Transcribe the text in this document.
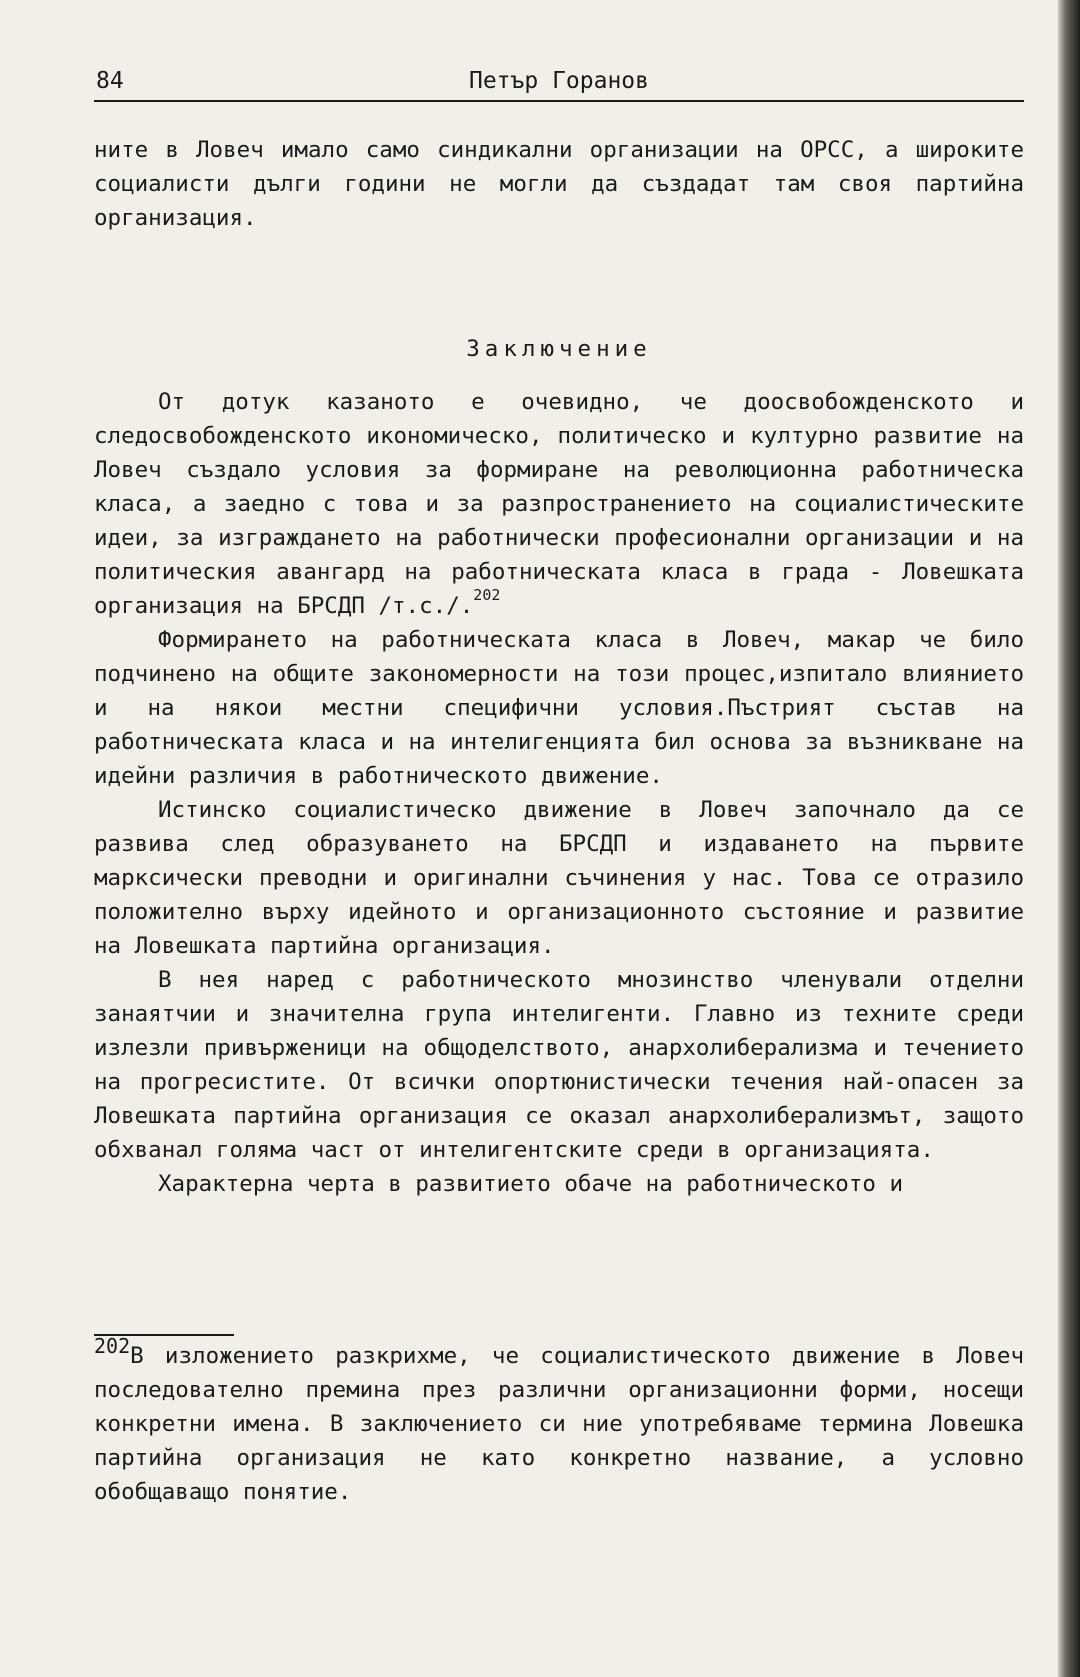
84	Петър Горанов

ните в Ловеч имало само синдикални организации на ОРСС, а широките социалисти дълги години не могли да създадат там своя партийна организация.

Заключение

От дотук казаното е очевидно, че доосвобожденското и следосвобожденското икономическо, политическо и културно развитие на Ловеч създало условия за формиране на революционна работническа класа, а заедно с това и за разпространението на социалистическите идеи, за изграждането на работнически професионални организации и на политическия авангард на работническата класа в града - Ловешката организация на БРСДП /т.с./.$^{202}$

Формирането на работническата класа в Ловеч, макар че било подчинено на общите закономерности на този процес,изпитало влиянието и на някои местни специфични условия.Пъстрият състав на работническата класа и на интелигенцията бил основа за възникване на идейни различия в работническото движение.

Истинско социалистическо движение в Ловеч започнало да се развива след образуването на БРСДП и издаването на първите марксически преводни и оригинални съчинения у нас. Това се отразило положително върху идейното и организационното състояние и развитие на Ловешката партийна организация.

В нея наред с работническото мнозинство членували отделни занаятчии и значителна група интелигенти. Главно из техните среди излезли привърженици на общоделството, анархолиберализма и течението на прогресистите. От всички опортюнистически течения най-опасен за Ловешката партийна организация се оказал анархолиберализмът, защото обхванал голяма част от интелигентските среди в организацията.

Характерна черта в развитието обаче на работническото и

202В изложението разкрихме, че социалистическото движение в Ловеч последователно премина през различни организационни форми, носещи конкретни имена. В заключението си ние употребяваме термина Ловешка партийна организация не като конкретно название, а условно обобщаващо понятие.
